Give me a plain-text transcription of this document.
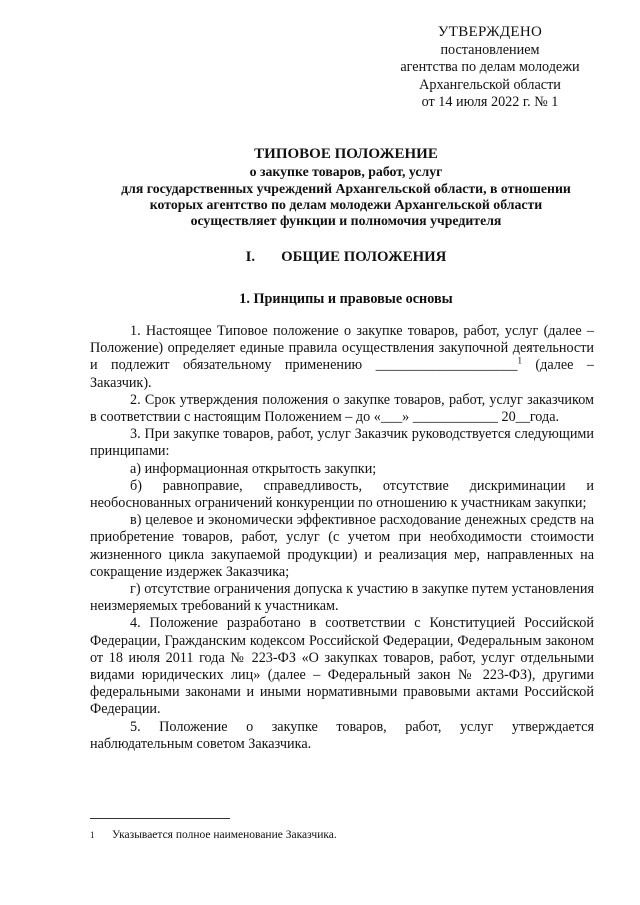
УТВЕРЖДЕНО
постановлением
агентства по делам молодежи
Архангельской области
от 14 июля 2022 г. № 1
ТИПОВОЕ ПОЛОЖЕНИЕ
о закупке товаров, работ, услуг
для государственных учреждений Архангельской области, в отношении
которых агентство по делам молодежи Архангельской области
осуществляет функции и полномочия учредителя
I. ОБЩИЕ ПОЛОЖЕНИЯ
1. Принципы и правовые основы

1. Настоящее Типовое положение о закупке товаров, работ, услуг (далее – Положение) определяет единые правила осуществления закупочной деятельности и подлежит обязательному применению ____________________$^1$ (далее – Заказчик).

2. Срок утверждения положения о закупке товаров, работ, услуг заказчиком в соответствии с настоящим Положением – до «___» ____________ 20__года.

3. При закупке товаров, работ, услуг Заказчик руководствуется следующими принципами:

а) информационная открытость закупки;

б) равноправие, справедливость, отсутствие дискриминации и необоснованных ограничений конкуренции по отношению к участникам закупки;

в) целевое и экономически эффективное расходование денежных средств на приобретение товаров, работ, услуг (с учетом при необходимости стоимости жизненного цикла закупаемой продукции) и реализация мер, направленных на сокращение издержек Заказчика;

г) отсутствие ограничения допуска к участию в закупке путем установления неизмеряемых требований к участникам.

4. Положение разработано в соответствии с Конституцией Российской Федерации, Гражданским кодексом Российской Федерации, Федеральным законом от 18 июля 2011 года № 223-ФЗ «О закупках товаров, работ, услуг отдельными видами юридических лиц» (далее – Федеральный закон № 223-ФЗ), другими федеральными законами и иными нормативными правовыми актами Российской Федерации.

5. Положение о закупке товаров, работ, услуг утверждается наблюдательным советом Заказчика.

1 Указывается полное наименование Заказчика.
